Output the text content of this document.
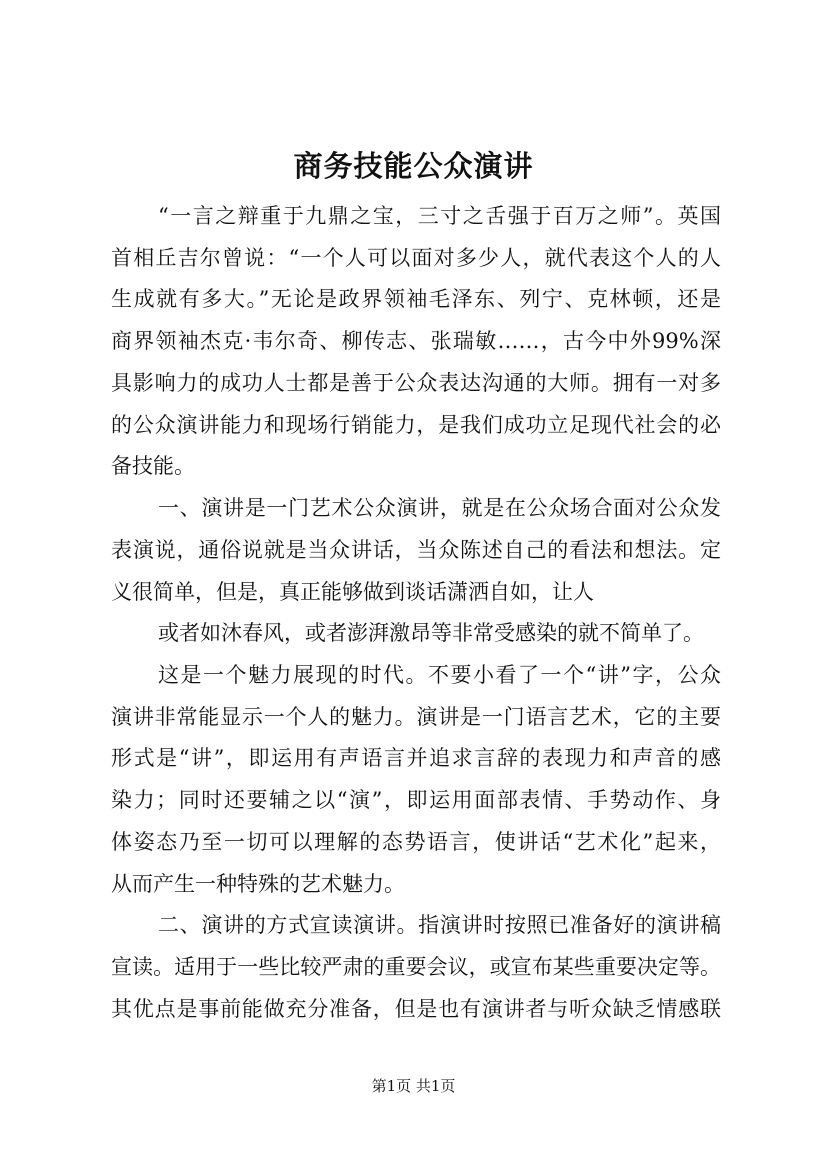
商务技能公众演讲

“一言之辩重于九鼎之宝，三寸之舌强于百万之师”。英国

首相丘吉尔曾说：“一个人可以面对多少人，就代表这个人的人

生成就有多大。”无论是政界领袖毛泽东、列宁、克林顿，还是

商界领袖杰克·韦尔奇、柳传志、张瑞敏……，古今中外99%深

具影响力的成功人士都是善于公众表达沟通的大师。拥有一对多

的公众演讲能力和现场行销能力，是我们成功立足现代社会的必

备技能。

一、演讲是一门艺术公众演讲，就是在公众场合面对公众发

表演说，通俗说就是当众讲话，当众陈述自己的看法和想法。定

义很简单，但是，真正能够做到谈话潇洒自如，让人

或者如沐春风，或者澎湃激昂等非常受感染的就不简单了。

这是一个魅力展现的时代。不要小看了一个“讲”字，公众

演讲非常能显示一个人的魅力。演讲是一门语言艺术，它的主要

形式是“讲”，即运用有声语言并追求言辞的表现力和声音的感

染力；同时还要辅之以“演”，即运用面部表情、手势动作、身

体姿态乃至一切可以理解的态势语言，使讲话“艺术化”起来，

从而产生一种特殊的艺术魅力。

二、演讲的方式宣读演讲。指演讲时按照已准备好的演讲稿

宣读。适用于一些比较严肃的重要会议，或宣布某些重要决定等。

其优点是事前能做充分准备，但是也有演讲者与听众缺乏情感联

第1页 共1页
